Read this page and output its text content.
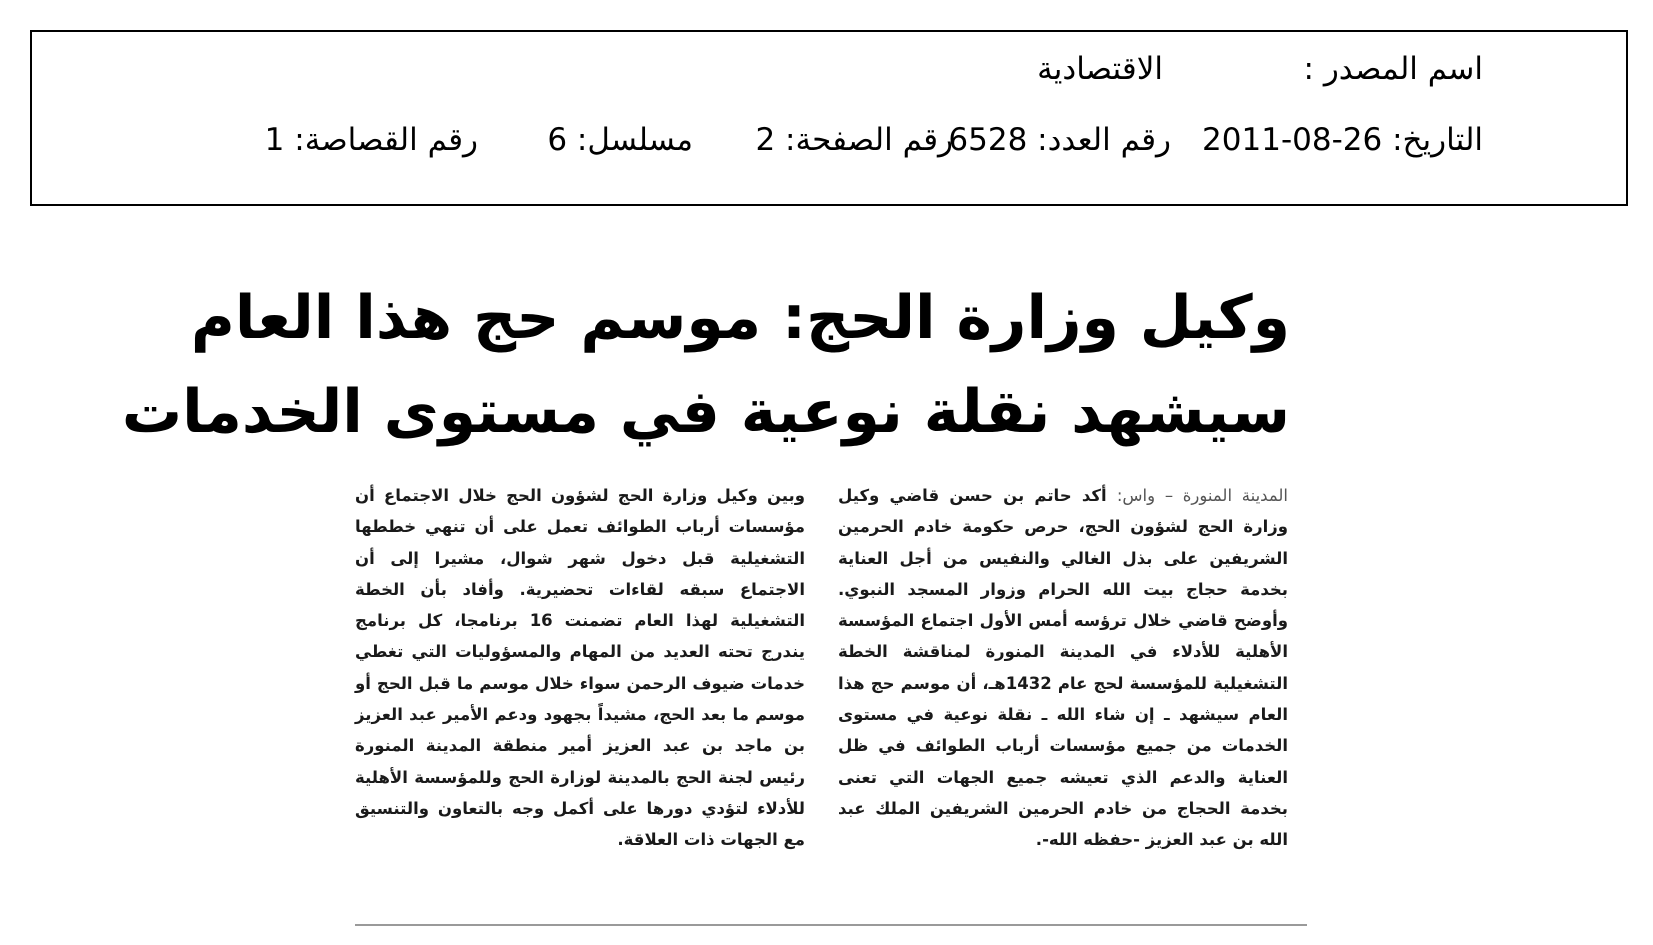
اسم المصدر :
الاقتصادية
التاريخ: 26-08-2011
رقم العدد: 6528
رقم الصفحة: 2
مسلسل: 6
رقم القصاصة: 1
وكيل وزارة الحج: موسم حج هذا العام
سيشهد نقلة نوعية في مستوى الخدمات
المدينة المنورة – واس: أكد حاتم بن حسن قاضي وكيل وزارة الحج لشؤون الحج، حرص حكومة خادم الحرمين الشريفين على بذل الغالي والنفيس من أجل العناية بخدمة حجاج بيت الله الحرام وزوار المسجد النبوي. وأوضح قاضي خلال ترؤسه أمس الأول اجتماع المؤسسة الأهلية للأدلاء في المدينة المنورة لمناقشة الخطة التشغيلية للمؤسسة لحج عام 1432هـ، أن موسم حج هذا العام سيشهد ـ إن شاء الله ـ نقلة نوعية في مستوى الخدمات من جميع مؤسسات أرباب الطوائف في ظل العناية والدعم الذي تعيشه جميع الجهات التي تعنى بخدمة الحجاج من خادم الحرمين الشريفين الملك عبد الله بن عبد العزيز -حفظه الله-.
وبين وكيل وزارة الحج لشؤون الحج خلال الاجتماع أن مؤسسات أرباب الطوائف تعمل على أن تنهي خططها التشغيلية قبل دخول شهر شوال، مشيرا إلى أن الاجتماع سبقه لقاءات تحضيرية. وأفاد بأن الخطة التشغيلية لهذا العام تضمنت 16 برنامجا، كل برنامج يندرج تحته العديد من المهام والمسؤوليات التي تغطي خدمات ضيوف الرحمن سواء خلال موسم ما قبل الحج أو موسم ما بعد الحج، مشيداً بجهود ودعم الأمير عبد العزيز بن ماجد بن عبد العزيز أمير منطقة المدينة المنورة رئيس لجنة الحج بالمدينة لوزارة الحج وللمؤسسة الأهلية للأدلاء لتؤدي دورها على أكمل وجه بالتعاون والتنسيق مع الجهات ذات العلاقة.
